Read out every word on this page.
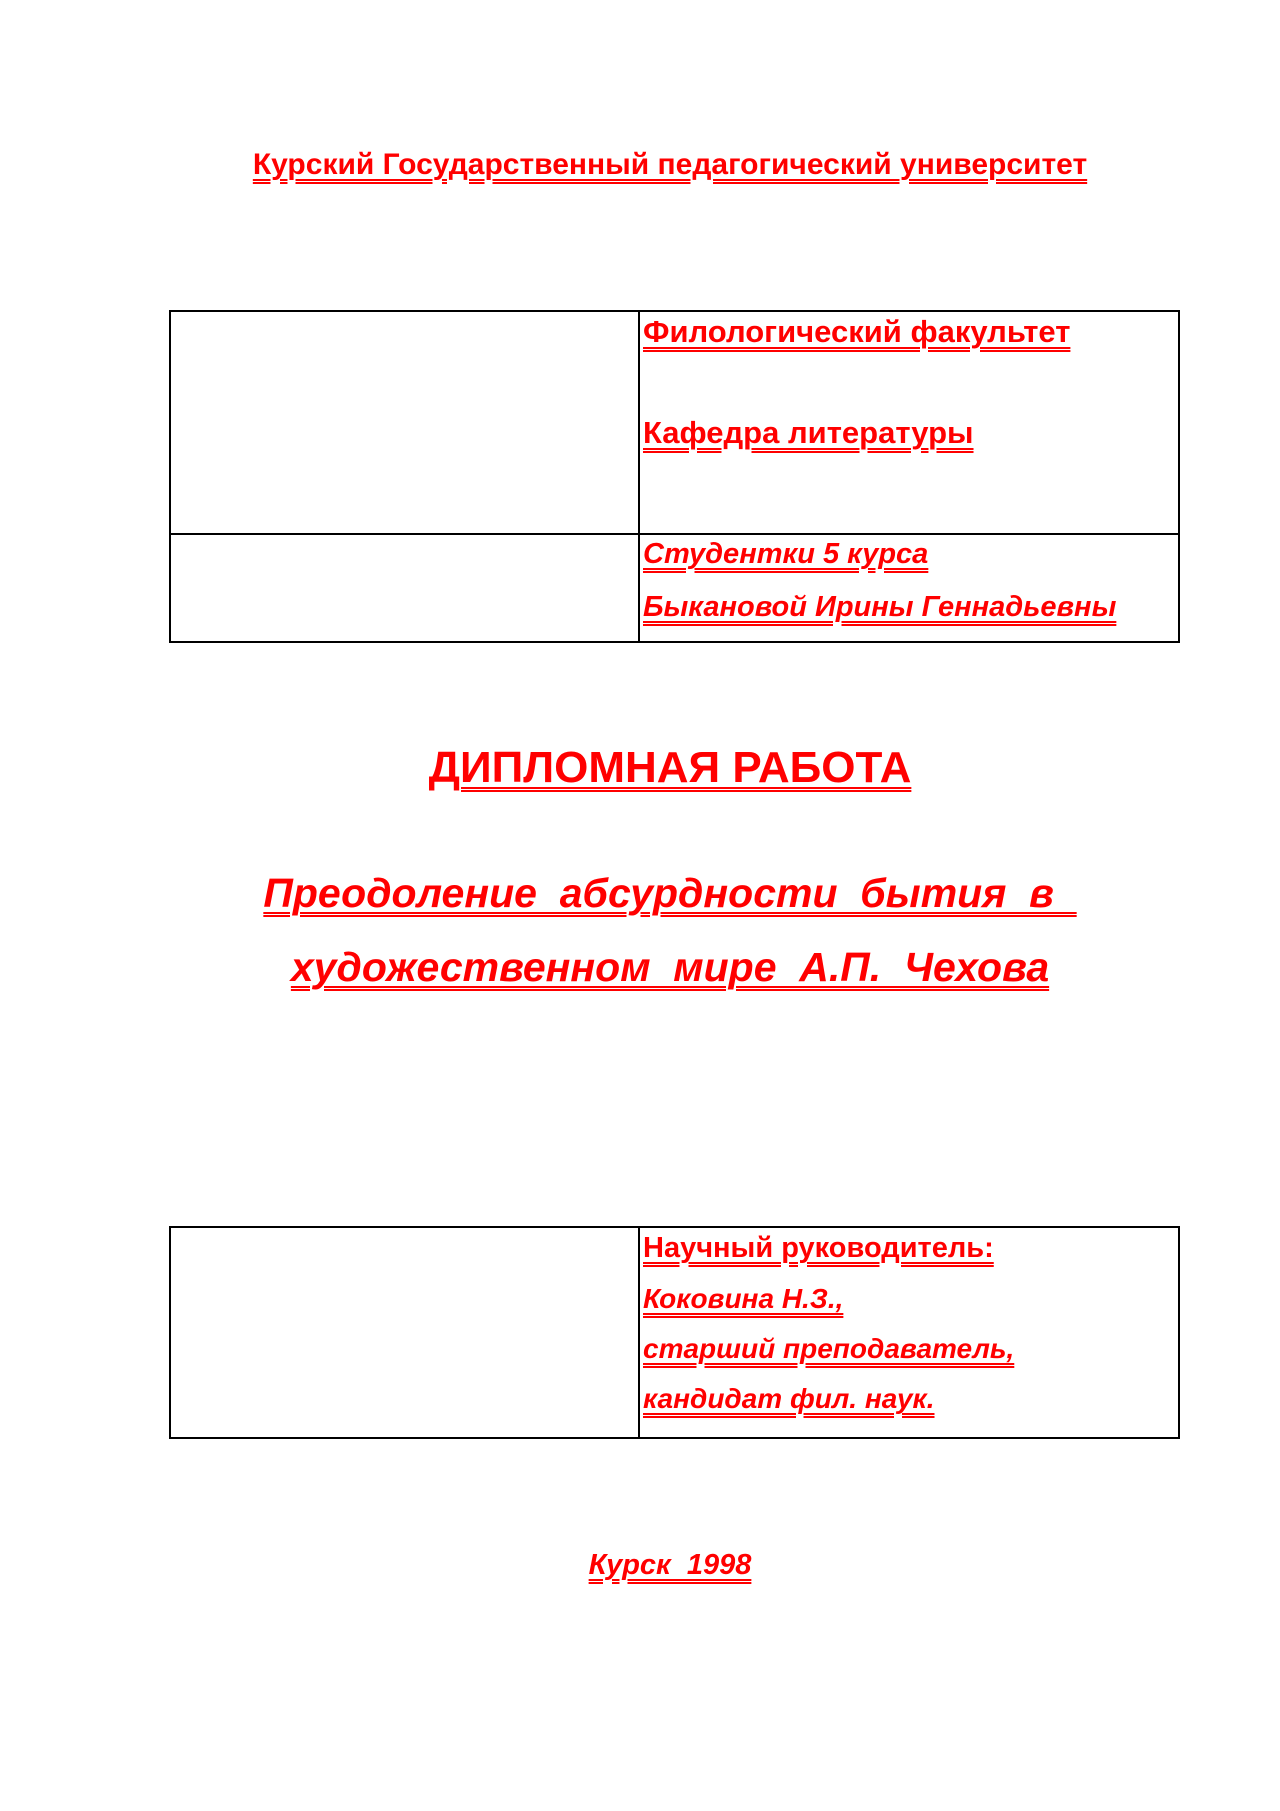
Курский Государственный педагогический университет

	Филологический факультет
Кафедра литературы

	Студентки 5 курса
Быкановой Ирины Геннадьевны
ДИПЛОМНАЯ РАБОТА
Преодоление  абсурдности  бытия  в
художественном  мире  А.П.  Чехова

Научный руководитель:
Коковина Н.З.,
старший преподаватель,
кандидат фил. наук.
Курск  1998
